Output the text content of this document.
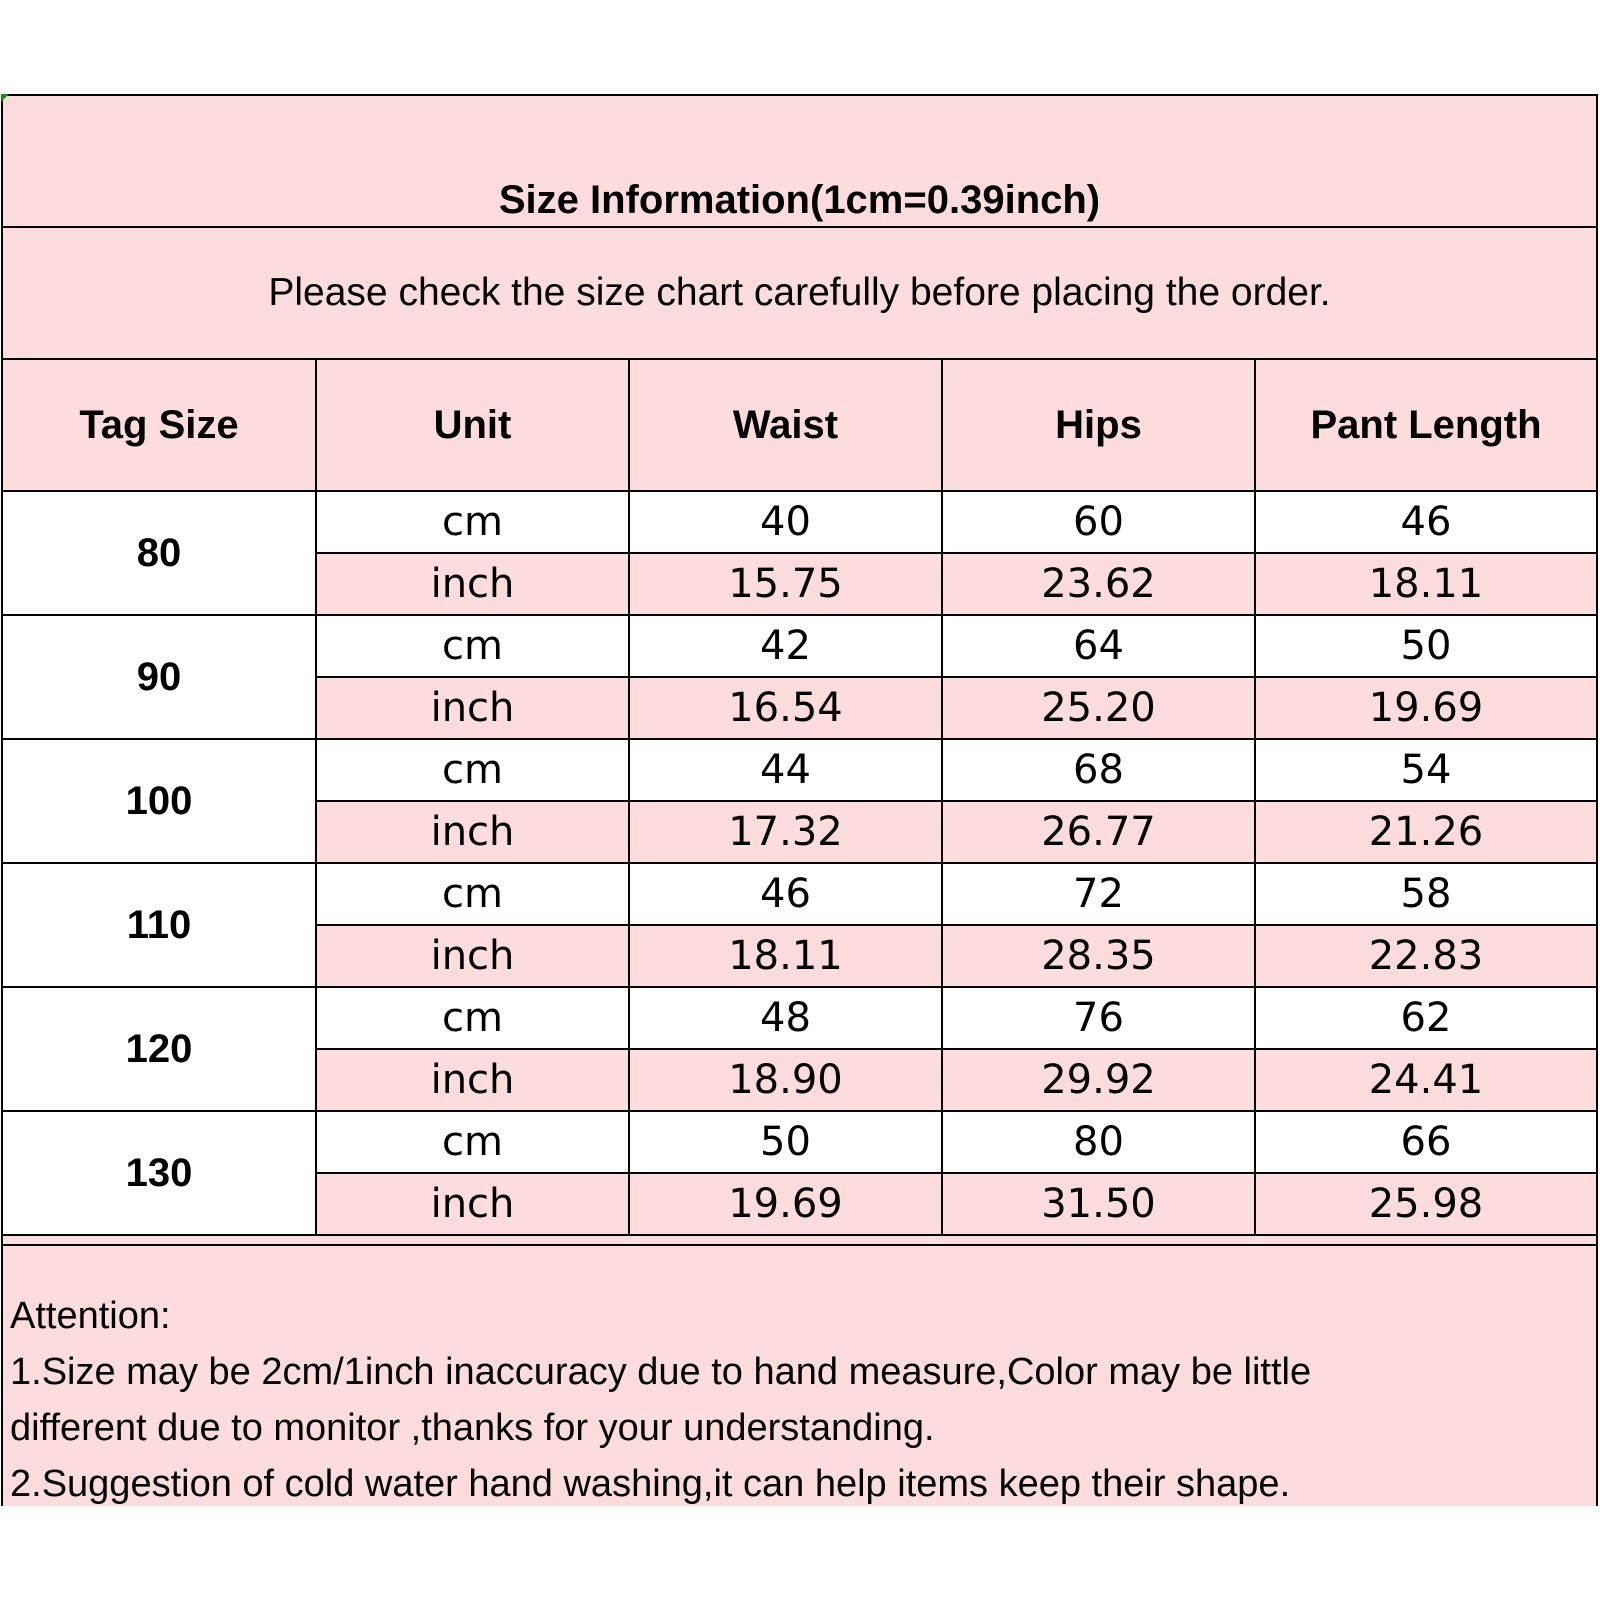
Size Information(1cm=0.39inch)
Please check the size chart carefully before placing the order.
Tag Size	Unit	Waist	Hips	Pant Length
80	cm	40	60	46
	inch	15.75	23.62	18.11
90	cm	42	64	50
	inch	16.54	25.20	19.69
100	cm	44	68	54
	inch	17.32	26.77	21.26
110	cm	46	72	58
	inch	18.11	28.35	22.83
120	cm	48	76	62
	inch	18.90	29.92	24.41
130	cm	50	80	66
	inch	19.69	31.50	25.98
Attention:
1.Size may be 2cm/1inch inaccuracy due to hand measure,Color may be little
different due to monitor ,thanks for your understanding.
2.Suggestion of cold water hand washing,it can help items keep their shape.
